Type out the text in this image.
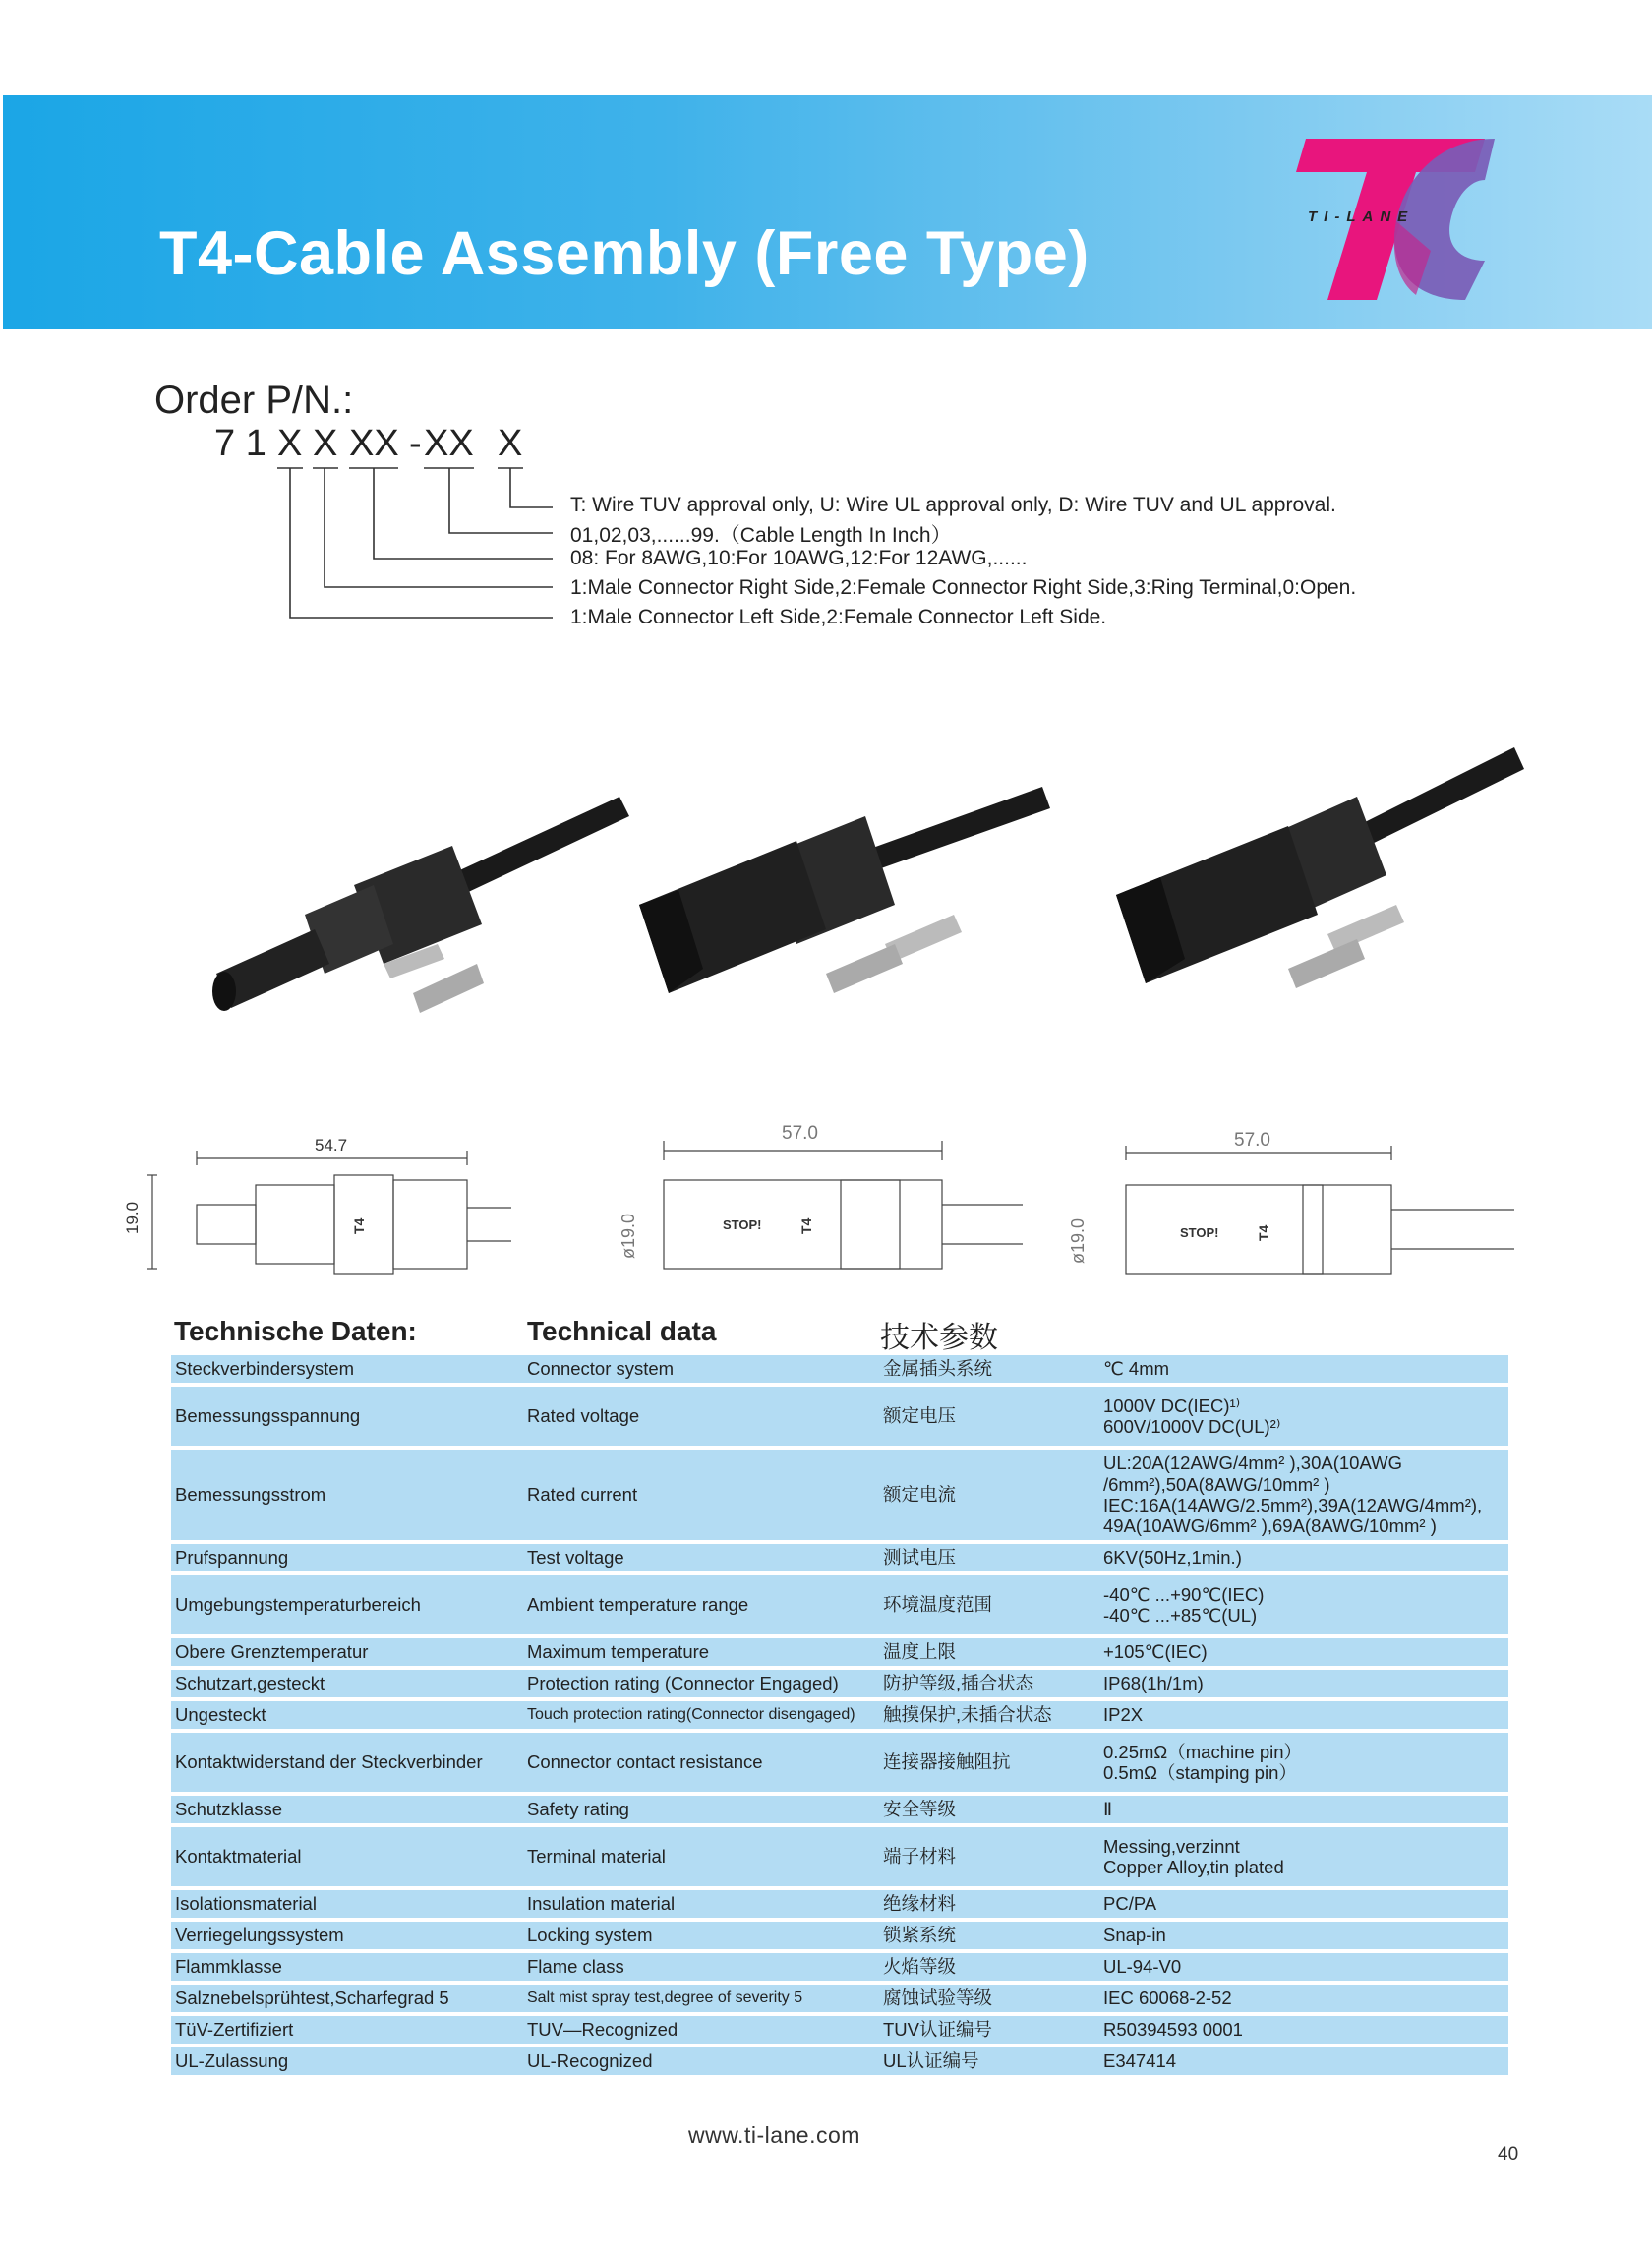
T4-Cable Assembly (Free Type)
TI-LANE
Order P/N.:
7 1 X X XX - XX X
T: Wire TUV approval only, U: Wire UL approval only, D: Wire TUV and UL approval.
01,02,03,......99.（Cable Length In Inch）
08: For 8AWG,10:For 10AWG,12:For 12AWG,......
1:Male Connector Right Side,2:Female Connector Right Side,3:Ring Terminal,0:Open.
1:Male Connector Left Side,2:Female Connector Left Side.
54.7
19.0	T4
57.0
ø19.0	STOP!	T4
57.0
ø19.0	STOP!	T4
Technische Daten:	Technical data	技术参数
Steckverbindersystem	Connector system	金属插头系统	℃ 4mm
Bemessungsspannung	Rated voltage	额定电压	1000V DC(IEC)¹⁾
600V/1000V DC(UL)²⁾
Bemessungsstrom	Rated current	额定电流	UL:20A(12AWG/4mm² ),30A(10AWG
/6mm²),50A(8AWG/10mm² )
IEC:16A(14AWG/2.5mm²),39A(12AWG/4mm²),
49A(10AWG/6mm² ),69A(8AWG/10mm² )
Prufspannung	Test voltage	测试电压	6KV(50Hz,1min.)
Umgebungstemperaturbereich	Ambient temperature range	环境温度范围	-40℃ ...+90℃(IEC)
-40℃ ...+85℃(UL)
Obere Grenztemperatur	Maximum temperature	温度上限	+105℃(IEC)
Schutzart,gesteckt	Protection rating (Connector Engaged)	防护等级,插合状态	IP68(1h/1m)
Ungesteckt	Touch protection rating(Connector disengaged)	触摸保护,未插合状态	IP2X
Kontaktwiderstand der Steckverbinder	Connector contact resistance	连接器接触阻抗	0.25mΩ（machine pin）
0.5mΩ（stamping pin）
Schutzklasse	Safety rating	安全等级	Ⅱ
Kontaktmaterial	Terminal material	端子材料	Messing,verzinnt
Copper Alloy,tin plated
Isolationsmaterial	Insulation material	绝缘材料	PC/PA
Verriegelungssystem	Locking system	锁紧系统	Snap-in
Flammklasse	Flame class	火焰等级	UL-94-V0
Salznebelsprühtest,Scharfegrad 5	Salt mist spray test,degree of severity 5	腐蚀试验等级	IEC 60068-2-52
TüV-Zertifiziert	TUV—Recognized	TUV认证编号	R50394593 0001
UL-Zulassung	UL-Recognized	UL认证编号	E347414
www.ti-lane.com
40
